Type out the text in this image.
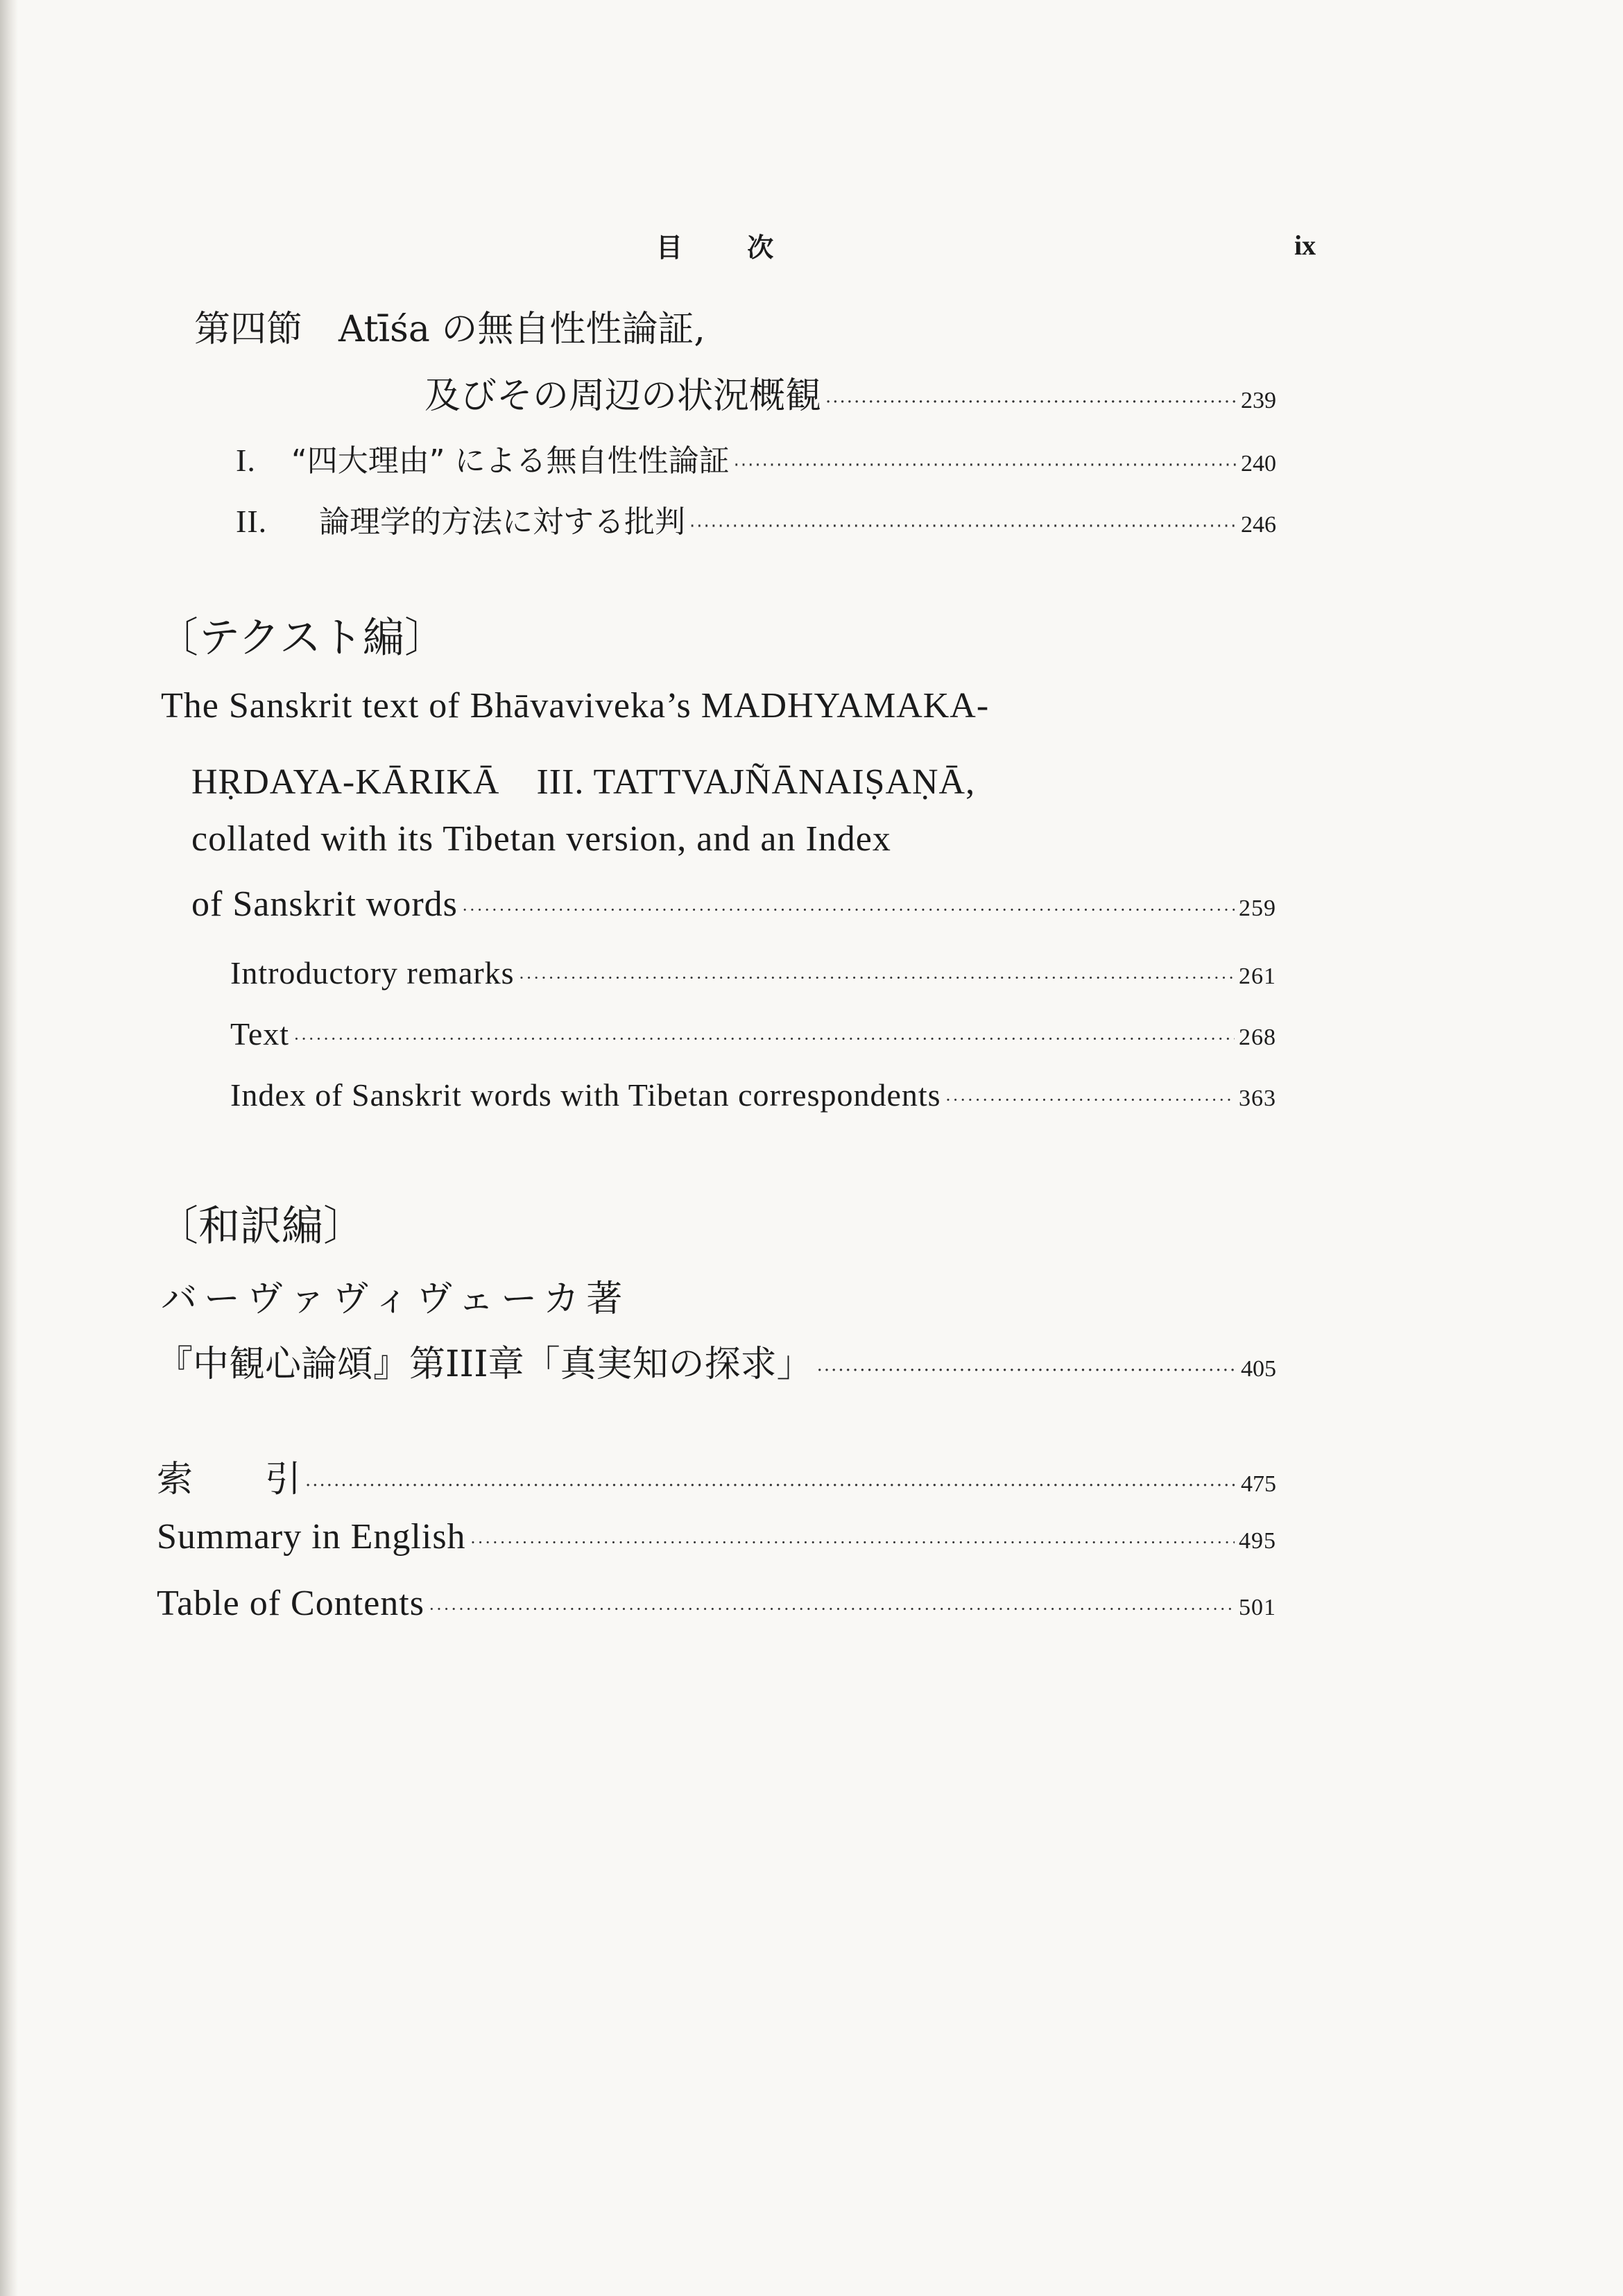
目 次	ix
第四節　Atīśa の無自性性論証,
及びその周辺の状況概観 ·····	239
I. “四大理由” による無自性性論証 ·····	240
II. 論理学的方法に対する批判 ·····	246
〔テクスト編〕
The Sanskrit text of Bhāvaviveka’s MADHYAMAKA-
HṚDAYA-KĀRIKĀ　III. TATTVAJÑĀNAIṢAṆĀ,
collated with its Tibetan version, and an Index
of Sanskrit words ·····	259
Introductory remarks ·····	261
Text ·····	268
Index of Sanskrit words with Tibetan correspondents ·····	363
〔和訳編〕
バーヴァヴィヴェーカ著
『中観心論頌』第III章「真実知の探求」 ·····	405
索　　引 ·····	475
Summary in English ·····	495
Table of Contents ·····	501
